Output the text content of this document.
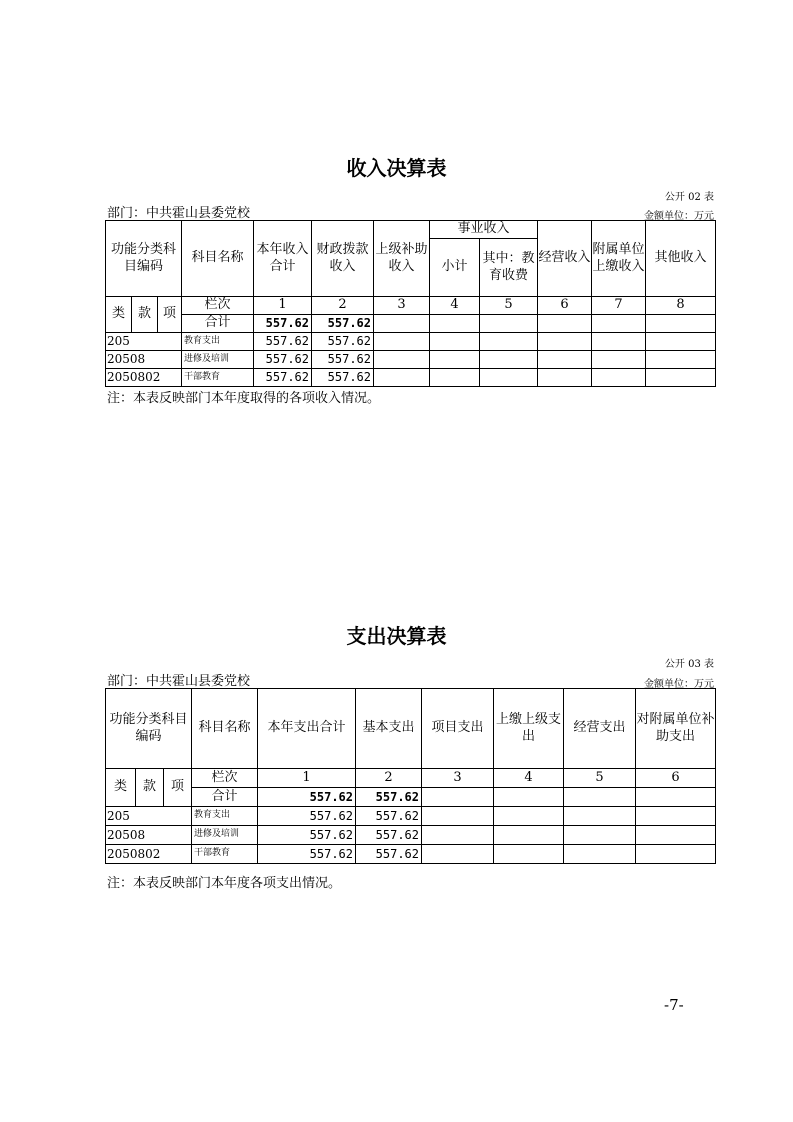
收入决算表
公开 02 表
部门：中共霍山县委党校	金额单位：万元
功能分类科目编码			科目名称	本年收入合计	财政拨款收入	上级补助收入	事业收入		经营收入	附属单位上缴收入	其他收入
							小计	其中：教育收费			
类	款	项	栏次	1	2	3	4	5	6	7	8
			合计	557.62	557.62						
205			教育支出	557.62	557.62						
20508			进修及培训	557.62	557.62						
2050802			干部教育	557.62	557.62						
注：本表反映部门本年度取得的各项收入情况。
支出决算表
公开 03 表
部门：中共霍山县委党校	金额单位：万元
功能分类科目编码			科目名称	本年支出合计	基本支出	项目支出	上缴上级支出	经营支出	对附属单位补助支出
类	款	项	栏次	1	2	3	4	5	6
			合计	557.62	557.62				
205			教育支出	557.62	557.62				
20508			进修及培训	557.62	557.62				
2050802			干部教育	557.62	557.62				
注：本表反映部门本年度各项支出情况。
-7-
